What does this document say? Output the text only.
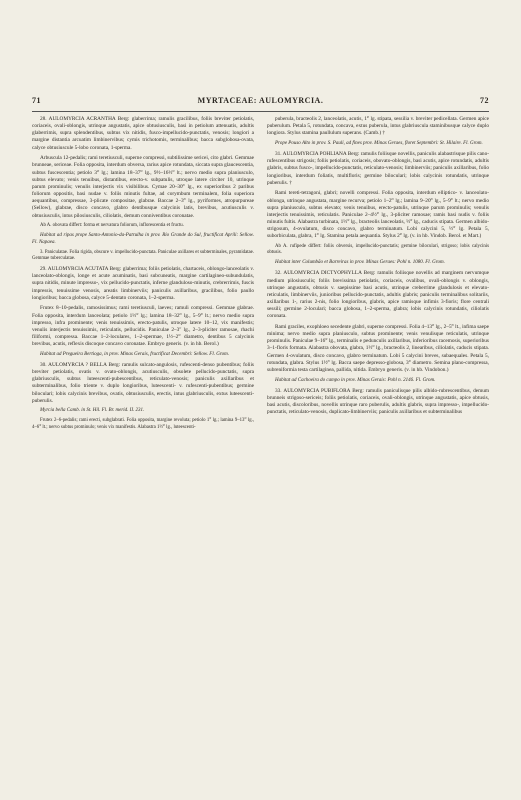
71	MYRTACEAE: AULOMYRCIA.	72

28. AULOMYRCIA ACRANTHA Berg: glaberrima; ramulis gracilibus, foliis breviter petiolatis, coriaceis, ovali-oblongis, utrinque angustatis, apice obtusiusculis, basi in petiolum attenuatis, adultis glaberrimis, supra splendentibus, subtus vix nitidis, fusco-impellucido-punctatis, venosis; longiori a margine distantia arcuatim limbinervibus; cymis trichotomis, terminalibus; bacca subglobosa-ovata, calyce obtusiuscule 5-lobo coronata, 1-sperma.

Arbuscula 12-pedalis; rami teretiusculi, superne compressi, subtilissime sericei, cito glabri. Gemmae brunneae, sericeae. Folia opposita, interdum obversa, rarius apice rotundata, siccata supra glaucescentia, subtus fuscescentia; petiolo 3‴ lg.; lamina 18–37‴ lg., 9½–16½‴ lt.; nervo medio supra planiusculo, subtus elevato; venis tenuibus, distantibus, erecto-v. subpatulis, utroque latere circiter 10, utrinque parum prominulis; venulis interjectis vix visibilibus. Cymae 20–30‴ lg., ex superioribus 2 paribus foliorum oppositis, basi nudae v. foliis minutis fultae, ad corymbum terminalem, folia superiora aequantibus, compressae, 3-plicate compositae, glabrae. Baccae 2–3‴ lg., pyriformes, atropurpureae (Sellow), glabrae, disco concavo, glabro dentibusque calycinis latis, brevibus, acutiusculis v. obtusiusculis, intus pilosiusculis, ciliolatis, demum conniventibus coronatae.

Ab A. obovata differt: forma et nervatura foliorum, inflorescentia et fructu.

Habitat ad ripas prope Santo-Antonio-da-Patrulha in prov. Rio Grande do Sul, fructificat Aprili: Sellow. Fl. Napaea.

3. Paniculatae. Folia rigida, obscure v. impellucido-punctata. Paniculae axillares et subterminales, pyramidatae. Gemmae tuberculatae.

29. AULOMYRCIA ACUTATA Berg: glaberrima; foliis petiolatis, chartaceis, oblongo-lanceolatis v. lanceolato-oblongis, longe et acute acuminatis, basi subcuneatis, margine cartilagineo-subundulatis, supra nitidis, minute impresso-, vix pellucido-punctatis, inferne glanduloso-minutis, crebrerrimis, fuscis impressis, tenuissime venosis, areatis limbinerviis; paniculis axillaribus, gracilibus, folio paullo longioribus; bacca globosa, calyce 5-dentato coronata, 1–2-sperma.

Frutex 8–10-pedalis, ramosissimus; rami teretiusculi, laeves; ramuli compressi. Gemmae glabrae. Folia opposita, interdum lanceolata; petiolo 1½‴ lg.; lamina 18–32‴ lg., 5–9‴ lt.; nervo medio supra impresso, infra prominente; venis tenuissimis, erecto-patulis, utroque latere 10–12, vix manifestis; venulis interjectis tenuissimis, reticulatis, pellucidis. Paniculae 2–3″ lg., 2–3-pliciter ramosae, rhachi filiformi, compressa. Baccae 1–2-loculares, 1–2-spermae, 1½–2‴ diametro, dentibus 5 calycinis brevibus, acutis, reflexis discoque concavo coronatae. Embryo generis. (v. in hb. Berol.)

Habitat ad Pregueira Bertioga, in prov. Minas Gerais, fructificat Decembri: Sellow. Fl. Grom.

30. AULOMYRCIA ? BELLA Berg: ramulis sulcato-angulosis, rufescenti-denso pubentibus; foliis breviter petiolatis, ovatis v. ovato-oblongis, acutiusculis, obsolete pellucido-punctatis, supra glabriusculis, subtus luteescenti-pubescentibus, reticulato-venosis; paniculis axillaribus et subterminalibus, folio triente v. duplo longioribus, luteescenti- v. rufescenti-pubentibus; germine biloculari; lobis calycinis brevibus, ovatis, obtusiusculis, erectis, intus glabriusculis, extus luteescenti-puberulis.

Myrcia bella Camb. in St. Hil. Fl. Br. merid. II. 231.

Frutex 2–6-pedalis; rami erecti, subglabrati. Folia opposita, margine revoluta; petiolo 1‴ lg.; lamina 9–13‴ lg., 4–6‴ lt.; nervo subtus prominulo; venis vix manifestis. Alabastra 1½‴ lg., luteescenti-

puberula, bracteolis 2, lanceolatis, acutis, 1‴ lg. stipata, sessilia v. breviter pedicellata. Germen apice puberulum. Petala 5, rotundata, concava, extus puberula, intus glabriuscula staminibusque calyce duplo longiora. Stylus stamina paullulum superans. (Camb.) †

Prope Pouso Alto in prov. S. Pauli, ad fines prov. Minas Geraes, floret Septembri: St. Hilaire. Fl. Grom.

31. AULOMYRCIA POHLIANA Berg: ramulis foliisque novellis, paniculis alabastrisque pilis cano-rufescentibus strigosis; foliis petiolatis, coriaceis, obovato-oblongis, basi acutis, apice rotundatis, adultis glabris, subtus fusco-, impellucido-punctatis, reticulato-venosis; limbinerviis; paniculis axillaribus, folio longioribus, interdum foliatis, multifloris; germine biloculari; lobis calycinis rotundatis, utrinque puberulis. †

Rami tereti-tetragoni, glabri; novelli compressi. Folia opposita, interdum elliptico- v. lanceolato-oblonga, utrinque angustata, margine recurva; petiolo 1–2‴ lg.; lamina 9–20‴ lg., 5–9‴ lt.; nervo medio supra planiusculo, subtus elevato; venis tenuibus, erecto-patulis, utrinque parum prominulis; venulis interjectis tenuissimis, reticulatis. Paniculae 2–4½‴ lg., 3-pliciter ramosae; ramis basi nudis v. foliis minutis fultis. Alabastra turbinata, 1½‴ lg., bracteolis lanceolatis, ½‴ lg., caducis stipata. Germen albido-strigosum, 4-ovulatum, disco concavo, glabro terminatum. Lobi calycini 5, ½‴ lg. Petala 5, suborbiculata, glabra, 1‴ lg. Staminа petala aequantia. Stylus 2‴ lg. (v. in hb. Vindob. Berol. et Mart.)

Ab A. rufipede differt: foliis obversis, impellucido-punctatis; germine biloculari, strigoso; lobis calycinis obtusis.

Habitat inter Columbão et Barreiras in prov. Minas Geraes: Pohl n. 1080. Fl. Grom.

32. AULOMYRCIA DICTYOPHYLLA Berg: ramulis foliisque novellis ad marginem nervumque medium pilosiusculis; foliis brevissima petiolatis, coriaceis, ovalibus, ovali-oblongis v. oblongis, utrinque angustatis, obtusis v. saepissime basi acutis, utrinque creberrime glandulosis et elevato-reticulatis, limbinerviis, junioribus pellucido-punctatis, adultis glabris; paniculis terminalibus solitariis, axillaribus 1-, rarius 2-nis, folio longioribus, glabris, apice ramisque infimis 3-fioris; flore centrali sessili; germine 2-loculari; bacca globosa, 1–2-sperma, glabra; lobis calycinis rotundatis, ciliolatis coronata.

Rami graciles, exophloeo secedente glabri, superne compressi. Folia 4–13‴ lg., 2–5‴ lt., infima saepe minima; nervo medio supra planiusculo, subtus prominente; venis venulisque reticulatis, utrinque prominulis. Paniculae 9–16‴ lg., terminalis e pedunculis axillaribus, inferioribus racemosis, superioribus 3–1-floris formata. Alabastra obovata, glabra, 1½‴ lg., bracteolis 2, linearibus, ciliolatis, caducis stipata. Germen 4-ovulatum, disco concavo, glabro terminatum. Lobi 5 calycini breves, subaequales. Petala 5, rotundata, glabra. Stylus 1½‴ lg. Bacca saepe depresso-globosa, 3‴ diametro. Semina plano-compressa, subreniformia testa cartilaginea, pallida, nitida. Embryo generis. (v. in hb. Vindobon.)

Habitat ad Cachoeira do campo in prov. Minas Gerais: Pohl n. 2146. Fl. Grom.

33. AULOMYRCIA PUBIFLORA Berg: ramulis paniculisque pilis albido-rubrescentibus, demum brunneis strigoso-sericeis; foliis petiolatis, coriaceis, ovali-oblongis, utrinque angustatis, apice obtusis, basi acutis, discoloribus, novellis utrinque raro puberulis, adultis glabris, supra impresso-, impellucido-punctatis, reticulato-venosis, duplicato-limbinerviis; paniculis axillaribus et subterminalibus
